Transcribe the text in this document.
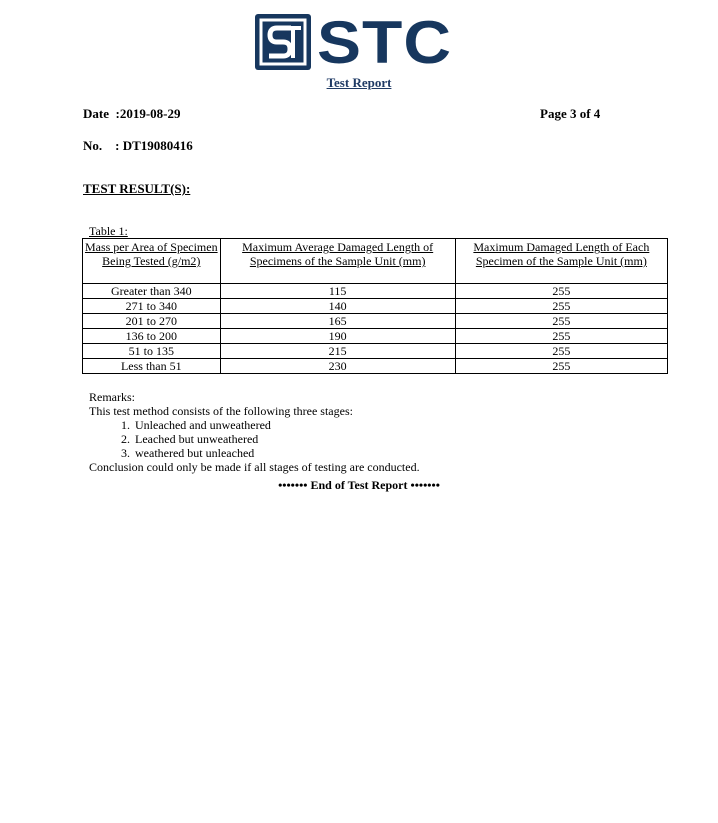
STC
Test Report
Date  :2019-08-29	Page 3 of 4
No.    : DT19080416
TEST RESULT(S):
Table 1:
Mass per Area of Specimen Being Tested (g/m2)	Maximum Average Damaged Length of Specimens of the Sample Unit (mm)	Maximum Damaged Length of Each Specimen of the Sample Unit (mm)
Greater than 340	115	255
271 to 340	140	255
201 to 270	165	255
136 to 200	190	255
51 to 135	215	255
Less than 51	230	255

Remarks:

This test method consists of the following three stages:

1. Unleached and unweathered
2. Leached but unweathered
3. weathered but unleached

Conclusion could only be made if all stages of testing are conducted.

••••••• End of Test Report •••••••
